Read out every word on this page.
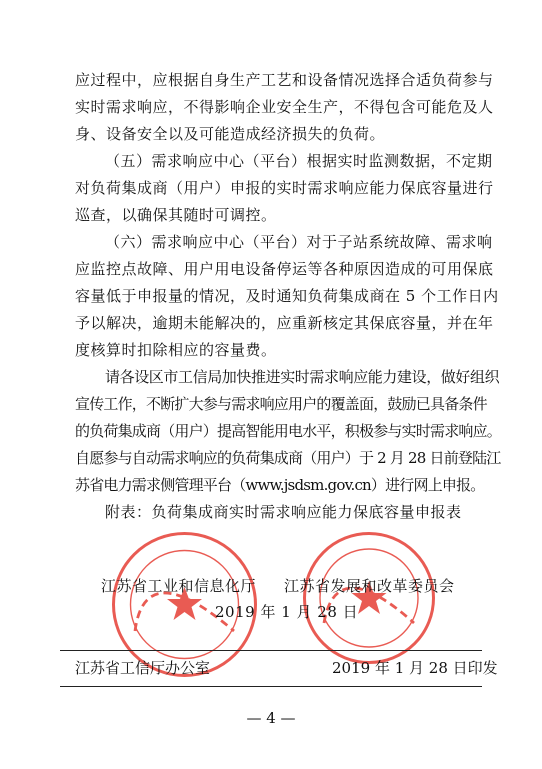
应过程中，应根据自身生产工艺和设备情况选择合适负荷参与
实时需求响应，不得影响企业安全生产，不得包含可能危及人
身、设备安全以及可能造成经济损失的负荷。
（五）需求响应中心（平台）根据实时监测数据，不定期
对负荷集成商（用户）申报的实时需求响应能力保底容量进行
巡查，以确保其随时可调控。
（六）需求响应中心（平台）对于子站系统故障、需求响
应监控点故障、用户用电设备停运等各种原因造成的可用保底
容量低于申报量的情况，及时通知负荷集成商在 5 个工作日内
予以解决，逾期未能解决的，应重新核定其保底容量，并在年
度核算时扣除相应的容量费。
请各设区市工信局加快推进实时需求响应能力建设，做好组织
宣传工作，不断扩大参与需求响应用户的覆盖面，鼓励已具备条件
的负荷集成商（用户）提高智能用电水平，积极参与实时需求响应。
自愿参与自动需求响应的负荷集成商（用户）于 2 月 28 日前登陆江
苏省电力需求侧管理平台（www.jsdsm.gov.cn）进行网上申报。
附表：负荷集成商实时需求响应能力保底容量申报表
江苏省工业和信息化厅 江苏省发展和改革委员会
2019 年 1 月 28 日
江苏省工信厅办公室	2019 年 1 月 28 日印发
— 4 —
